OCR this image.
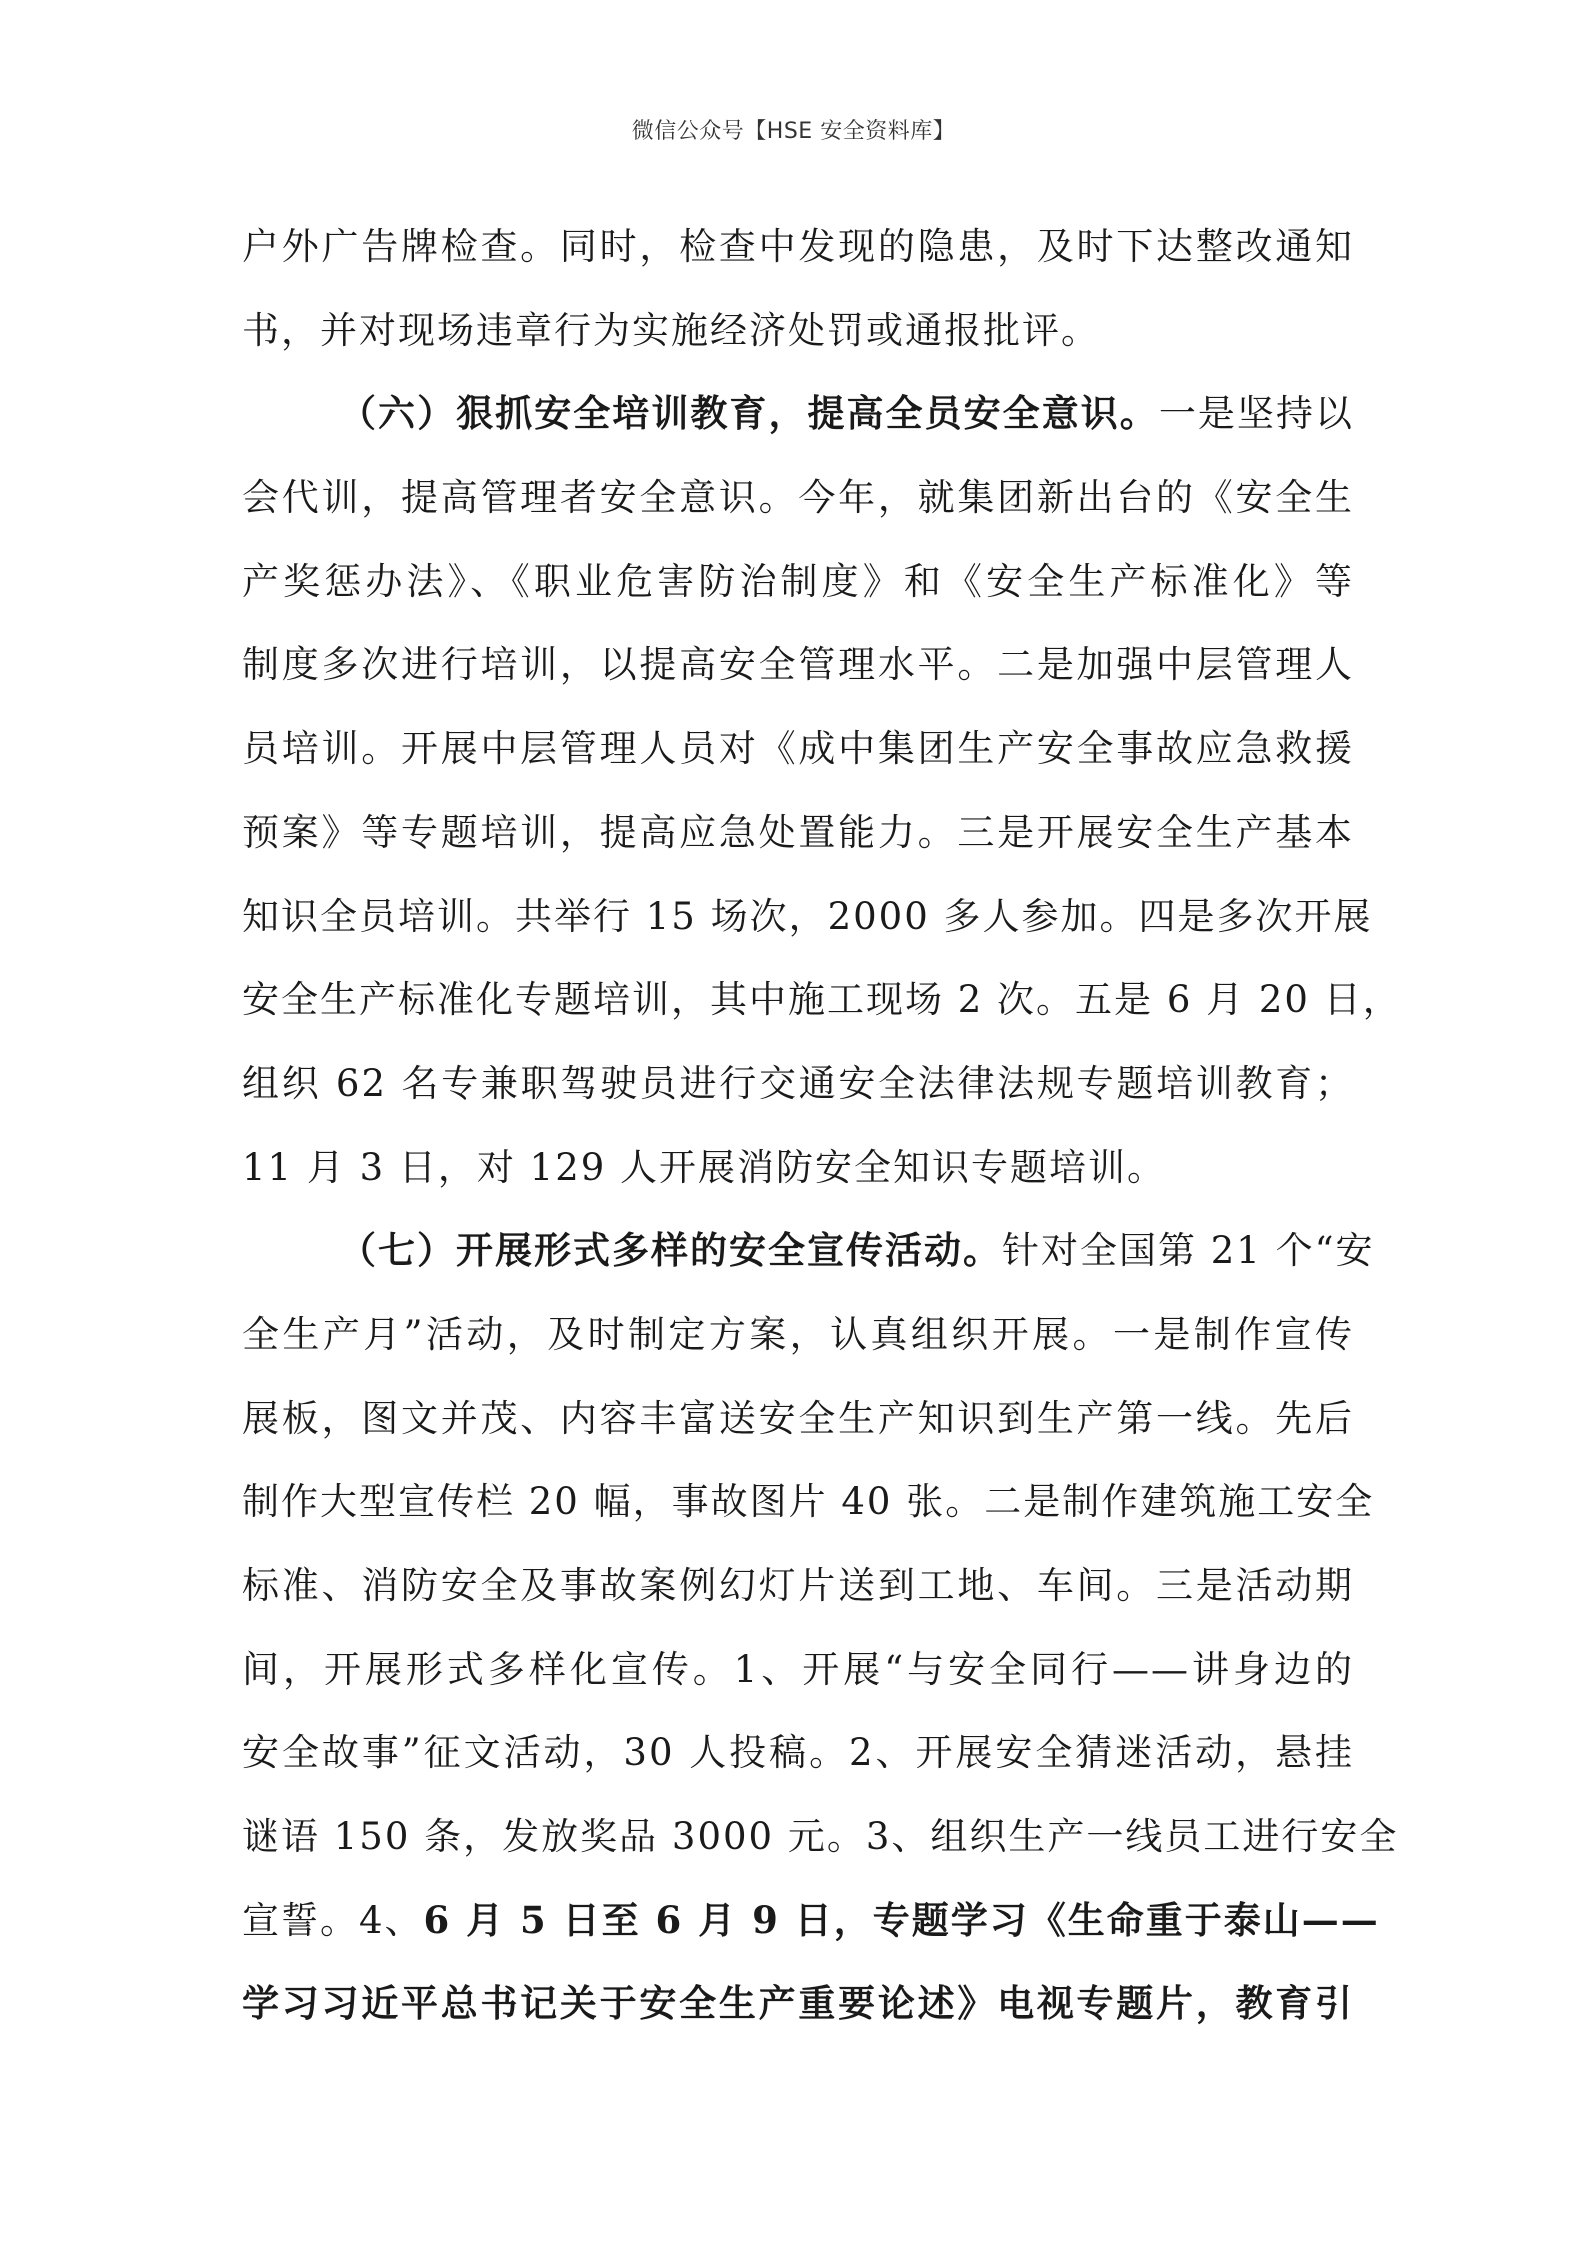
微信公众号【HSE 安全资料库】
户外广告牌检查。同时，检查中发现的隐患，及时下达整改通知
书，并对现场违章行为实施经济处罚或通报批评。
（六）狠抓安全培训教育，提高全员安全意识。一是坚持以
会代训，提高管理者安全意识。今年，就集团新出台的《安全生
产奖惩办法》、《职业危害防治制度》和《安全生产标准化》等
制度多次进行培训，以提高安全管理水平。二是加强中层管理人
员培训。开展中层管理人员对《成中集团生产安全事故应急救援
预案》等专题培训，提高应急处置能力。三是开展安全生产基本
知识全员培训。共举行 15 场次，2000 多人参加。四是多次开展
安全生产标准化专题培训，其中施工现场 2 次。五是 6 月 20 日，
组织 62 名专兼职驾驶员进行交通安全法律法规专题培训教育；
11 月 3 日，对 129 人开展消防安全知识专题培训。
（七）开展形式多样的安全宣传活动。针对全国第 21 个“安
全生产月”活动，及时制定方案，认真组织开展。一是制作宣传
展板，图文并茂、内容丰富送安全生产知识到生产第一线。先后
制作大型宣传栏 20 幅，事故图片 40 张。二是制作建筑施工安全
标准、消防安全及事故案例幻灯片送到工地、车间。三是活动期
间，开展形式多样化宣传。1、开展“与安全同行——讲身边的
安全故事”征文活动，30 人投稿。2、开展安全猜迷活动，悬挂
谜语 150 条，发放奖品 3000 元。3、组织生产一线员工进行安全
宣誓。4、6 月 5 日至 6 月 9 日，专题学习《生命重于泰山——
学习习近平总书记关于安全生产重要论述》电视专题片，教育引
